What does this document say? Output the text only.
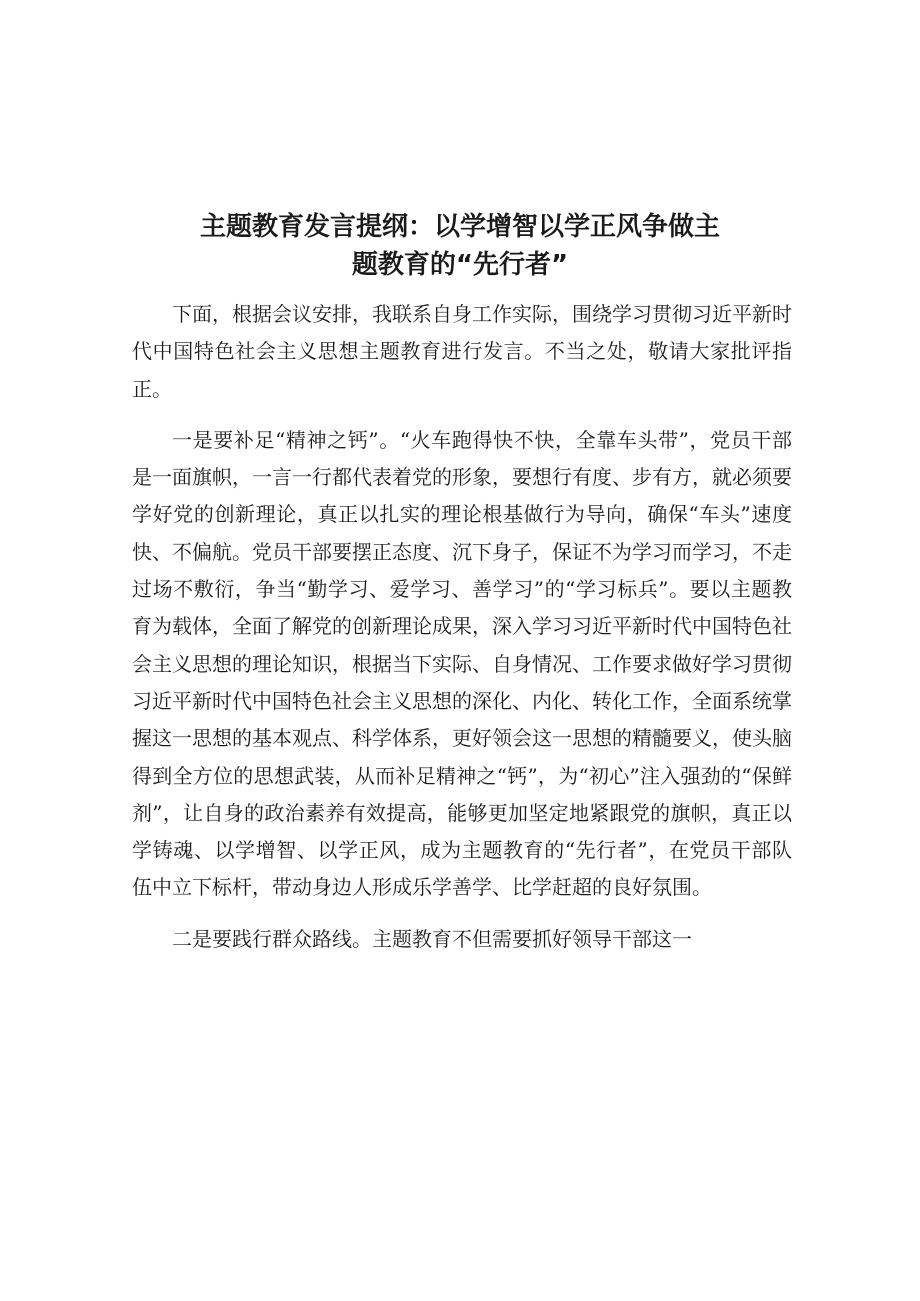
主题教育发言提纲：以学增智以学正风争做主
题教育的“先行者”

下面，根据会议安排，我联系自身工作实际，围绕学习贯彻习近平新时代中国特色社会主义思想主题教育进行发言。不当之处，敬请大家批评指正。

一是要补足“精神之钙”。“火车跑得快不快，全靠车头带”，党员干部是一面旗帜，一言一行都代表着党的形象，要想行有度、步有方，就必须要学好党的创新理论，真正以扎实的理论根基做行为导向，确保“车头”速度快、不偏航。党员干部要摆正态度、沉下身子，保证不为学习而学习，不走过场不敷衍，争当“勤学习、爱学习、善学习”的“学习标兵”。要以主题教育为载体，全面了解党的创新理论成果，深入学习习近平新时代中国特色社会主义思想的理论知识，根据当下实际、自身情况、工作要求做好学习贯彻习近平新时代中国特色社会主义思想的深化、内化、转化工作，全面系统掌握这一思想的基本观点、科学体系，更好领会这一思想的精髓要义，使头脑得到全方位的思想武装，从而补足精神之“钙”，为“初心”注入强劲的“保鲜剂”，让自身的政治素养有效提高，能够更加坚定地紧跟党的旗帜，真正以学铸魂、以学增智、以学正风，成为主题教育的“先行者”，在党员干部队伍中立下标杆，带动身边人形成乐学善学、比学赶超的良好氛围。

二是要践行群众路线。主题教育不但需要抓好领导干部这一
